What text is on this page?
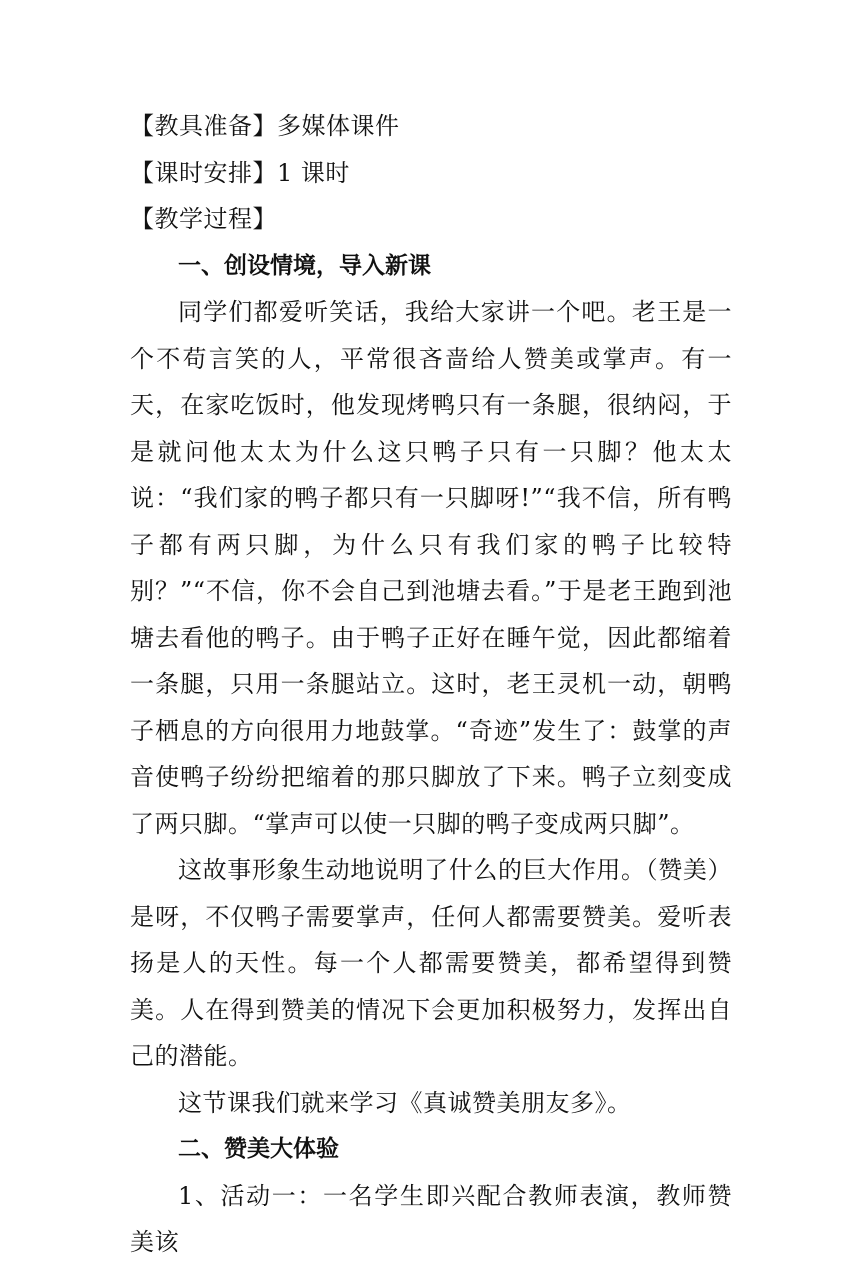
【教具准备】多媒体课件
【课时安排】1 课时
【教学过程】
一、创设情境，导入新课
同学们都爱听笑话，我给大家讲一个吧。老王是一个不苟言笑的人，平常很吝啬给人赞美或掌声。有一天，在家吃饭时，他发现烤鸭只有一条腿，很纳闷，于是就问他太太为什么这只鸭子只有一只脚？他太太说：“我们家的鸭子都只有一只脚呀!”“我不信，所有鸭子都有两只脚，为什么只有我们家的鸭子比较特别？”“不信，你不会自己到池塘去看。”于是老王跑到池塘去看他的鸭子。由于鸭子正好在睡午觉，因此都缩着一条腿，只用一条腿站立。这时，老王灵机一动，朝鸭子栖息的方向很用力地鼓掌。“奇迹”发生了：鼓掌的声音使鸭子纷纷把缩着的那只脚放了下来。鸭子立刻变成了两只脚。“掌声可以使一只脚的鸭子变成两只脚”。
这故事形象生动地说明了什么的巨大作用。（赞美）是呀，不仅鸭子需要掌声，任何人都需要赞美。爱听表扬是人的天性。每一个人都需要赞美，都希望得到赞美。人在得到赞美的情况下会更加积极努力，发挥出自己的潜能。
这节课我们就来学习《真诚赞美朋友多》。
二、赞美大体验
1、活动一：一名学生即兴配合教师表演，教师赞美该
